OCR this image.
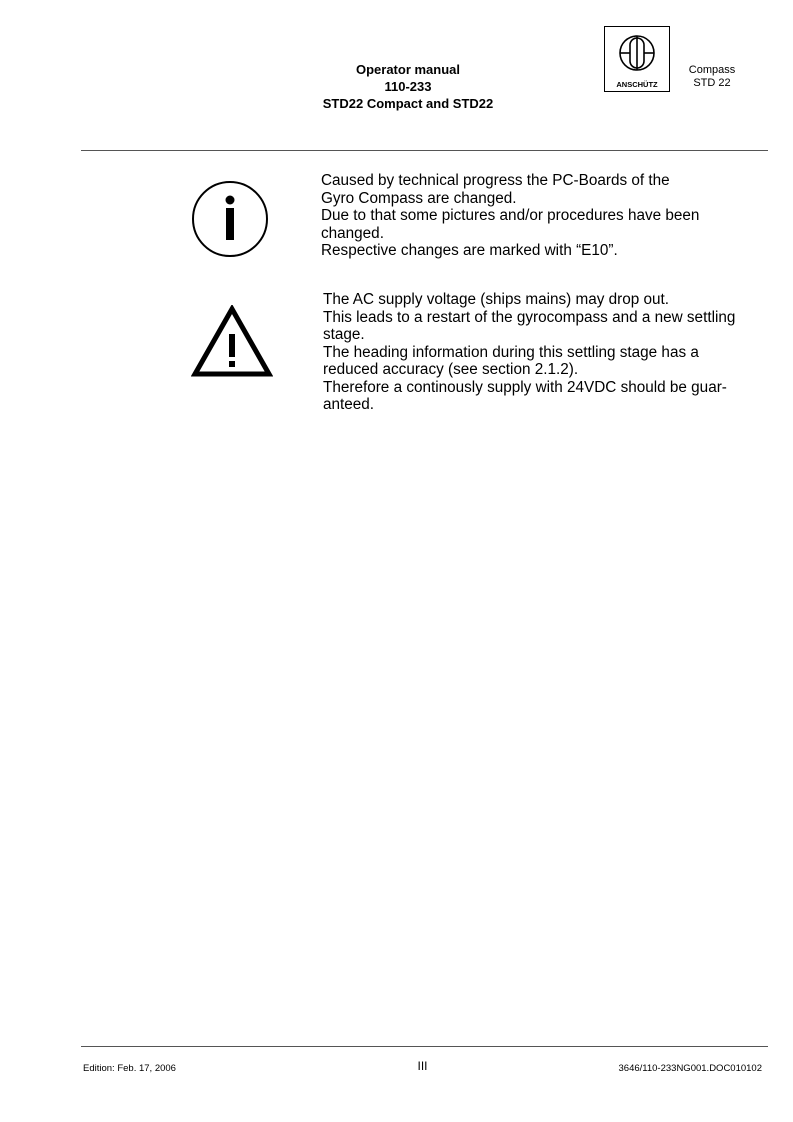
Operator manual
110-233
STD22 Compact and STD22
ANSCHÜTZ
Compass
STD 22
Caused by technical progress the PC-Boards of the
Gyro Compass are changed.
Due to that some pictures and/or procedures have been
changed.
Respective changes are marked with “E10”.
The AC supply voltage (ships mains) may drop out.
This leads to a restart of the gyrocompass and a new settling
stage.
The heading information during this settling stage has a
reduced accuracy (see section 2.1.2).
Therefore a continously supply with 24VDC should be guar-
anteed.
Edition: Feb. 17, 2006	III	3646/110-233NG001.DOC010102
